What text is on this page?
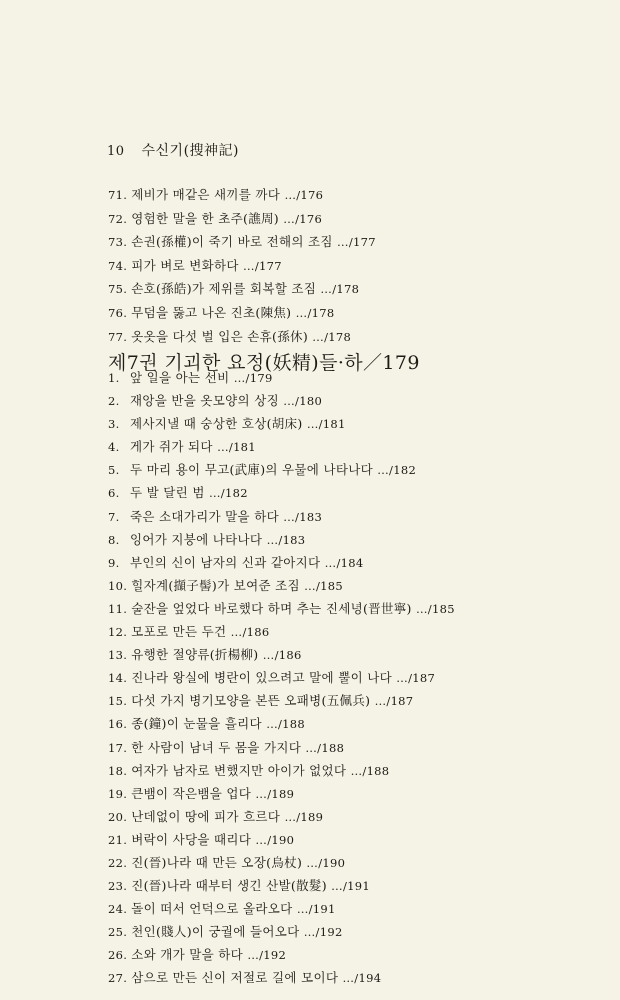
10 수신기(搜神記)
71. 제비가 매같은 새끼를 까다 …/176
72. 영험한 말을 한 초주(譙周) …/176
73. 손권(孫權)이 죽기 바로 전해의 조짐 …/177
74. 피가 벼로 변화하다 …/177
75. 손호(孫皓)가 제위를 회복할 조짐 …/178
76. 무덤을 뚫고 나온 진초(陳焦) …/178
77. 옷옷을 다섯 벌 입은 손휴(孫休) …/178
제7권 기괴한 요정(妖精)들·하／179
1. 앞 일을 아는 선비 …/179
2. 재앙을 반을 옷모양의 상징 …/180
3. 제사지낼 때 숭상한 호상(胡床) …/181
4. 게가 쥐가 되다 …/181
5. 두 마리 용이 무고(武庫)의 우물에 나타나다 …/182
6. 두 발 달린 범 …/182
7. 죽은 소대가리가 말을 하다 …/183
8. 잉어가 지붕에 나타나다 …/183
9. 부인의 신이 남자의 신과 같아지다 …/184
10. 힐자계(擷子髻)가 보여준 조짐 …/185
11. 술잔을 엎었다 바로했다 하며 추는 진세녕(晋世寧) …/185
12. 모포로 만든 두건 …/186
13. 유행한 절양류(折楊柳) …/186
14. 진나라 왕실에 병란이 있으려고 말에 뿔이 나다 …/187
15. 다섯 가지 병기모양을 본뜬 오패병(五佩兵) …/187
16. 종(鐘)이 눈물을 흘리다 …/188
17. 한 사람이 남녀 두 몸을 가지다 …/188
18. 여자가 남자로 변했지만 아이가 없었다 …/188
19. 큰뱀이 작은뱀을 업다 …/189
20. 난데없이 땅에 피가 흐르다 …/189
21. 벼락이 사당을 때리다 …/190
22. 진(晉)나라 때 만든 오장(烏杖) …/190
23. 진(晉)나라 때부터 생긴 산발(散髮) …/191
24. 돌이 떠서 언덕으로 올라오다 …/191
25. 천인(賤人)이 궁궐에 들어오다 …/192
26. 소와 개가 말을 하다 …/192
27. 삼으로 만든 신이 저절로 길에 모이다 …/194
